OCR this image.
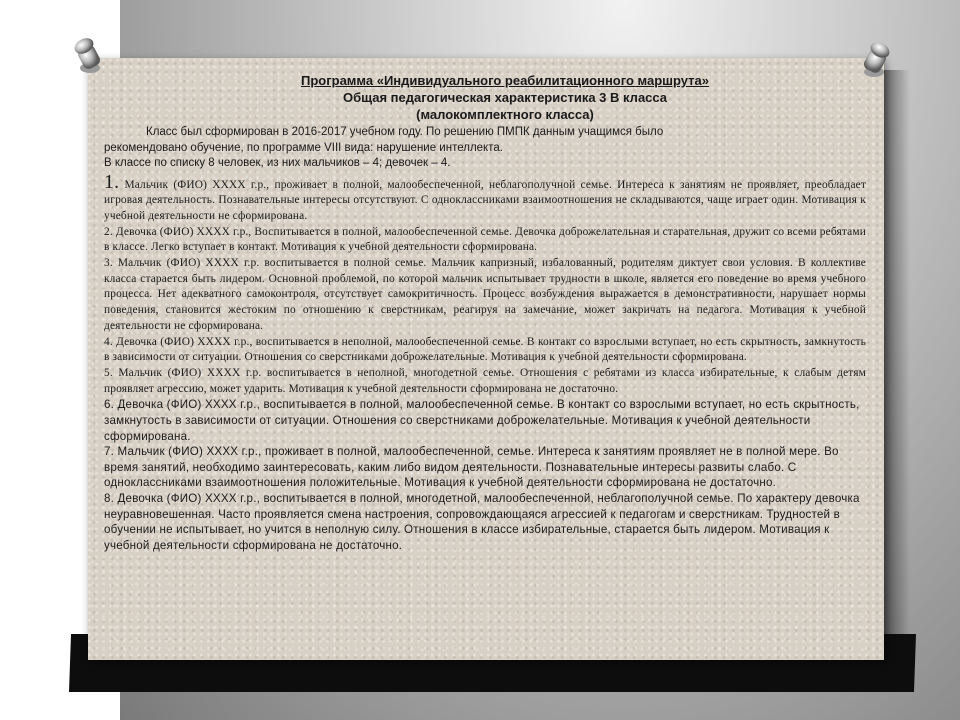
Программа «Индивидуального реабилитационного маршрута»
Общая педагогическая характеристика 3 В класса
(малокомплектного класса)
Класс был сформирован в 2016-2017 учебном году. По решению ПМПК данным учащимся было
рекомендовано обучение, по программе VIII вида: нарушение интеллекта.
В классе по списку 8 человек, из них мальчиков – 4; девочек – 4.

1. Мальчик (ФИО) ХХХХ г.р., проживает в полной, малообеспеченной, неблагополучной семье. Интереса к занятиям не проявляет, преобладает игровая деятельность. Познавательные интересы отсутствуют. С одноклассниками взаимоотношения не складываются, чаще играет один. Мотивация к учебной деятельности не сформирована.

2. Девочка (ФИО) ХХХХ г.р., Воспитывается в полной, малообеспеченной семье. Девочка доброжелательная и старательная, дружит со всеми ребятами в классе. Легко вступает в контакт. Мотивация к учебной деятельности сформирована.

3. Мальчик (ФИО) ХХХХ г.р. воспитывается в полной семье. Мальчик капризный, избалованный, родителям диктует свои условия. В коллективе класса старается быть лидером. Основной проблемой, по которой мальчик испытывает трудности в школе, является его поведение во время учебного процесса. Нет адекватного самоконтроля, отсутствует самокритичность. Процесс возбуждения выражается в демонстративности, нарушает нормы поведения, становится жестоким по отношению к сверстникам, реагируя на замечание, может закричать на педагога. Мотивация к учебной деятельности не сформирована.

4. Девочка (ФИО) ХХХХ г.р., воспитывается в неполной, малообеспеченной семье. В контакт со взрослыми вступает, но есть скрытность, замкнутость в зависимости от ситуации. Отношения со сверстниками доброжелательные. Мотивация к учебной деятельности сформирована.

5. Мальчик (ФИО) ХХХХ г.р. воспитывается в неполной, многодетной семье. Отношения с ребятами из класса избирательные, к слабым детям проявляет агрессию, может ударить. Мотивация к учебной деятельности сформирована не достаточно.

6. Девочка (ФИО) ХХХХ г.р., воспитывается в полной, малообеспеченной семье. В контакт со взрослыми вступает, но есть скрытность, замкнутость в зависимости от ситуации. Отношения со сверстниками доброжелательные. Мотивация к учебной деятельности сформирована.

7. Мальчик (ФИО) ХХХХ г.р., проживает в полной, малообеспеченной, семье. Интереса к занятиям проявляет не в полной мере. Во время занятий, необходимо заинтересовать, каким либо видом деятельности. Познавательные интересы развиты слабо. С одноклассниками взаимоотношения положительные. Мотивация к учебной деятельности сформирована не достаточно.

8. Девочка (ФИО) ХХХХ г.р., воспитывается в полной, многодетной, малообеспеченной, неблагополучной семье. По характеру девочка неуравновешенная. Часто проявляется смена настроения, сопровождающаяся агрессией к педагогам и сверстникам. Трудностей в обучении не испытывает, но учится в неполную силу. Отношения в классе избирательные, старается быть лидером. Мотивация к учебной деятельности сформирована не достаточно.
